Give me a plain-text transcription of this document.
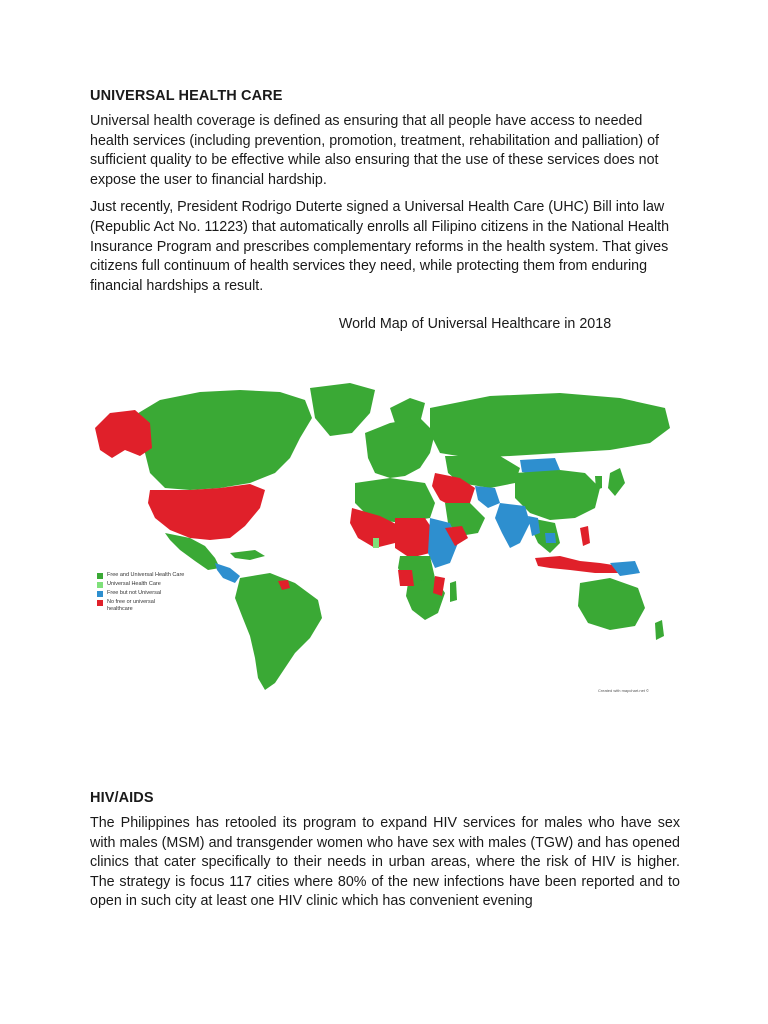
UNIVERSAL HEALTH CARE

Universal health coverage is defined as ensuring that all people have access to needed health services (including prevention, promotion, treatment, rehabilitation and palliation) of sufficient quality to be effective while also ensuring that the use of these services does not expose the user to financial hardship.

Just recently, President Rodrigo Duterte signed a Universal Health Care (UHC) Bill into law (Republic Act No. 11223) that automatically enrolls all Filipino citizens in the National Health Insurance Program and prescribes complementary reforms in the health system. That gives citizens full continuum of health services they need, while protecting them from enduring financial hardships a result.

World Map of Universal Healthcare in 2018

Free and Universal Health Care
Universal Health Care
Free but not Universal
No free or universal healthcare
Created with mapchart.net ©
HIV/AIDS

The Philippines has retooled its program to expand HIV services for males who have sex with males (MSM) and transgender women who have sex with males (TGW) and has opened clinics that cater specifically to their needs in urban areas, where the risk of HIV is higher. The strategy is focus 117 cities where 80% of the new infections have been reported and to open in such city at least one HIV clinic which has convenient evening
